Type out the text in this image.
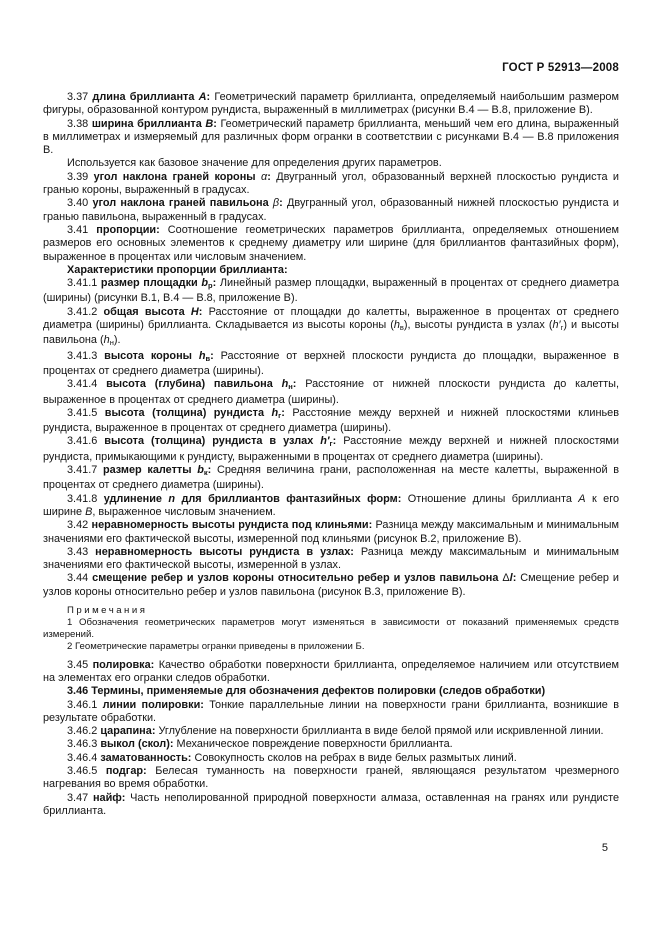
ГОСТ Р 52913—2008

3.37 длина бриллианта А: Геометрический параметр бриллианта, определяемый наибольшим размером фигуры, образованной контуром рундиста, выраженный в миллиметрах (рисунки В.4 — В.8, приложение В).

3.38 ширина бриллианта В: Геометрический параметр бриллианта, меньший чем его длина, выраженный в миллиметрах и измеряемый для различных форм огранки в соответствии с рисунками В.4 — В.8 приложения В.

Используется как базовое значение для определения других параметров.

3.39 угол наклона граней короны α: Двугранный угол, образованный верхней плоскостью рундиста и гранью короны, выраженный в градусах.

3.40 угол наклона граней павильона β: Двугранный угол, образованный нижней плоскостью рундиста и гранью павильона, выраженный в градусах.

3.41 пропорции: Соотношение геометрических параметров бриллианта, определяемых отношением размеров его основных элементов к среднему диаметру или ширине (для бриллиантов фантазийных форм), выраженное в процентах или числовым значением.

Характеристики пропорции бриллианта:

3.41.1 размер площадки bр: Линейный размер площадки, выраженный в процентах от среднего диаметра (ширины) (рисунки В.1, В.4 — В.8, приложение В).

3.41.2 общая высота Н: Расстояние от площадки до калетты, выраженное в процентах от среднего диаметра (ширины) бриллианта. Складывается из высоты короны (hв), высоты рундиста в узлах (h′г) и высоты павильона (hн).

3.41.3 высота короны hв: Расстояние от верхней плоскости рундиста до площадки, выраженное в процентах от среднего диаметра (ширины).

3.41.4 высота (глубина) павильона hн: Расстояние от нижней плоскости рундиста до калетты, выраженное в процентах от среднего диаметра (ширины).

3.41.5 высота (толщина) рундиста hг: Расстояние между верхней и нижней плоскостями клиньев рундиста, выраженное в процентах от среднего диаметра (ширины).

3.41.6 высота (толщина) рундиста в узлах h′г: Расстояние между верхней и нижней плоскостями рундиста, примыкающими к рундисту, выраженными в процентах от среднего диаметра (ширины).

3.41.7 размер калетты bк: Средняя величина грани, расположенная на месте калетты, выраженной в процентах от среднего диаметра (ширины).

3.41.8 удлинение n для бриллиантов фантазийных форм: Отношение длины бриллианта А к его ширине В, выраженное числовым значением.

3.42 неравномерность высоты рундиста под клиньями: Разница между максимальным и минимальным значениями его фактической высоты, измеренной под клиньями (рисунок В.2, приложение В).

3.43 неравномерность высоты рундиста в узлах: Разница между максимальным и минимальным значениями его фактической высоты, измеренной в узлах.

3.44 смещение ребер и узлов короны относительно ребер и узлов павильона Δl: Смещение ребер и узлов короны относительно ребер и узлов павильона (рисунок В.3, приложение В).

Примечания

1 Обозначения геометрических параметров могут изменяться в зависимости от показаний применяемых средств измерений.

2 Геометрические параметры огранки приведены в приложении Б.

3.45 полировка: Качество обработки поверхности бриллианта, определяемое наличием или отсутствием на элементах его огранки следов обработки.

3.46 Термины, применяемые для обозначения дефектов полировки (следов обработки)

3.46.1 линии полировки: Тонкие параллельные линии на поверхности грани бриллианта, возникшие в результате обработки.

3.46.2 царапина: Углубление на поверхности бриллианта в виде белой прямой или искривленной линии.

3.46.3 выкол (скол): Механическое повреждение поверхности бриллианта.

3.46.4 заматованность: Совокупность сколов на ребрах в виде белых размытых линий.

3.46.5 подгар: Белесая туманность на поверхности граней, являющаяся результатом чрезмерного нагревания во время обработки.

3.47 найф: Часть неполированной природной поверхности алмаза, оставленная на гранях или рундисте бриллианта.

5
